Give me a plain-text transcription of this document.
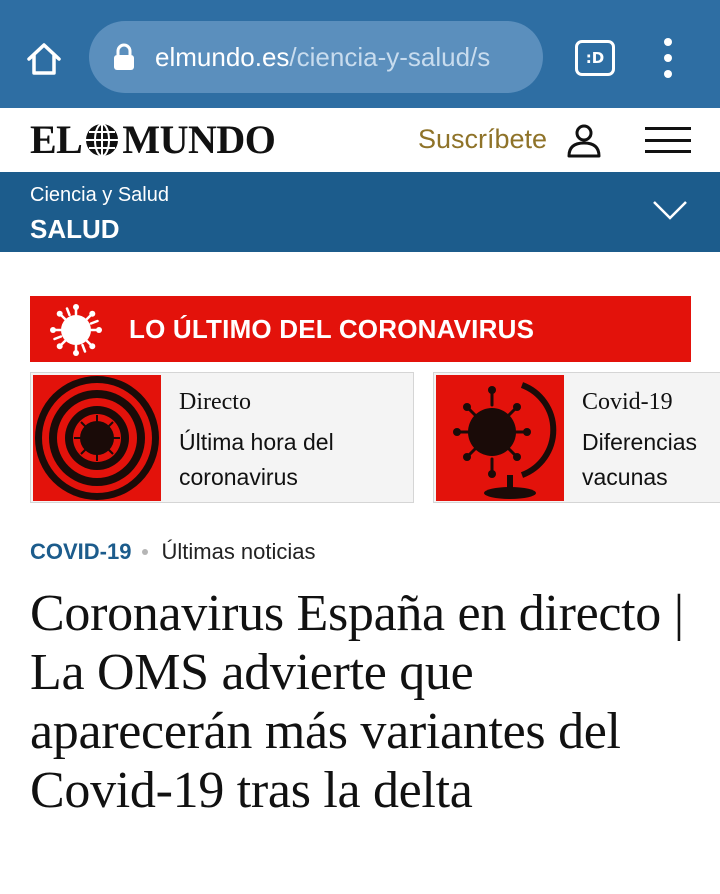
elmundo.es/ciencia-y-salud/s	:D
EL MUNDO	Suscríbete
Ciencia y Salud
SALUD
LO ÚLTIMO DEL CORONAVIRUS
Directo
Última hora del
coronavirus
Covid-19
Diferencias
vacunas
COVID-19 Últimas noticias
Coronavirus España en directo | La OMS advierte que aparecerán más variantes del Covid-19 tras la delta
